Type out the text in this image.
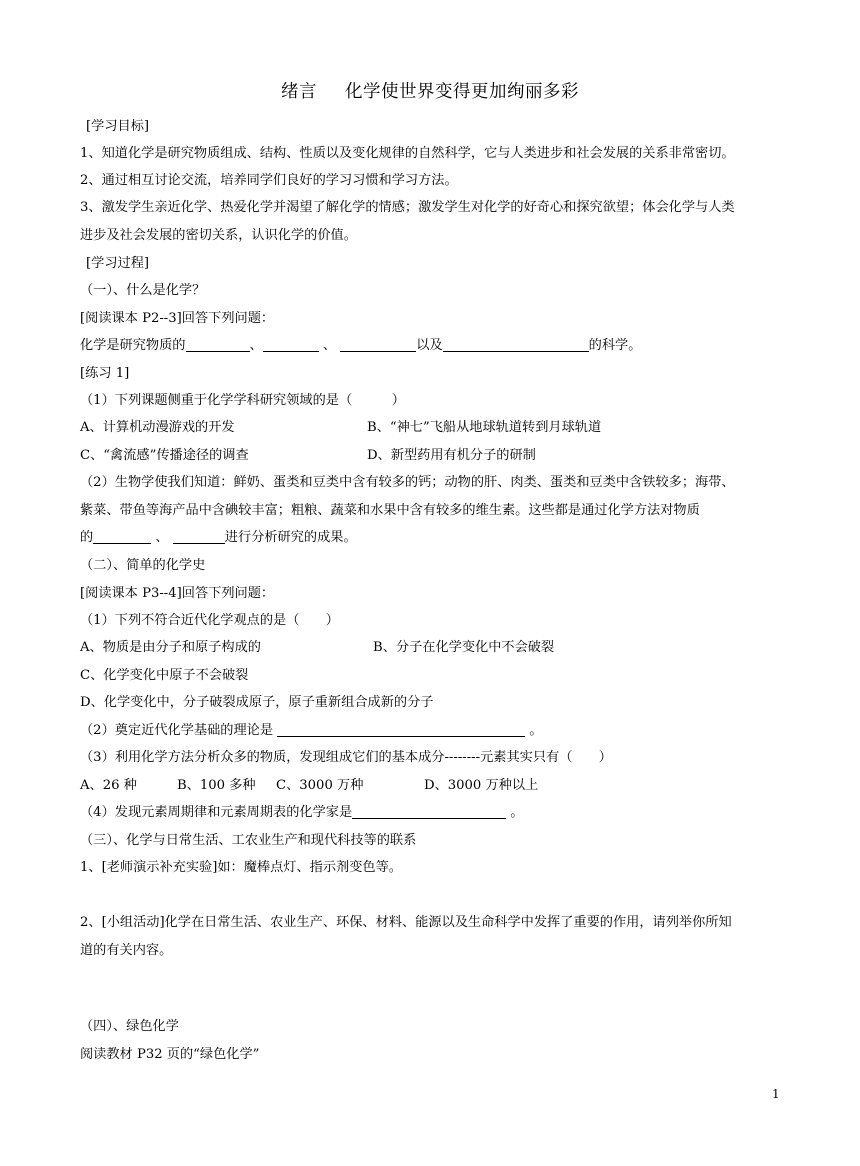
绪言 化学使世界变得更加绚丽多彩
[学习目标]
1、知道化学是研究物质组成、结构、性质以及变化规律的自然科学，它与人类进步和社会发展的关系非常密切。
2、通过相互讨论交流，培养同学们良好的学习习惯和学习方法。
3、激发学生亲近化学、热爱化学并渴望了解化学的情感；激发学生对化学的好奇心和探究欲望；体会化学与人类
进步及社会发展的密切关系，认识化学的价值。
[学习过程]
（一）、什么是化学？
[阅读课本 P2--3]回答下列问题：
化学是研究物质的	、	、	以及	的科学。
[练习 1]
（1）下列课题侧重于化学学科研究领域的是（　　　）
A、计算机动漫游戏的开发	B、“神七”飞船从地球轨道转到月球轨道
C、“禽流感”传播途径的调查	D、新型药用有机分子的研制
（2）生物学使我们知道：鲜奶、蛋类和豆类中含有较多的钙；动物的肝、肉类、蛋类和豆类中含铁较多；海带、
紫菜、带鱼等海产品中含碘较丰富；粗粮、蔬菜和水果中含有较多的维生素。这些都是通过化学方法对物质
的	、	进行分析研究的成果。
（二）、简单的化学史
[阅读课本 P3--4]回答下列问题：
（1）下列不符合近代化学观点的是（　　）
A、物质是由分子和原子构成的	B、分子在化学变化中不会破裂
C、化学变化中原子不会破裂
D、化学变化中，分子破裂成原子，原子重新组合成新的分子
（2）奠定近代化学基础的理论是	。
（3）利用化学方法分析众多的物质，发现组成它们的基本成分--------元素其实只有（　　）
A、26 种	B、100 多种 C、3000 万种	D、3000 万种以上
（4）发现元素周期律和元素周期表的化学家是	。
（三）、化学与日常生活、工农业生产和现代科技等的联系
1、[老师演示补充实验]如：魔棒点灯、指示剂变色等。
2、[小组活动]化学在日常生活、农业生产、环保、材料、能源以及生命科学中发挥了重要的作用，请列举你所知
道的有关内容。
（四）、绿色化学
阅读教材 P32 页的“绿色化学”
1
